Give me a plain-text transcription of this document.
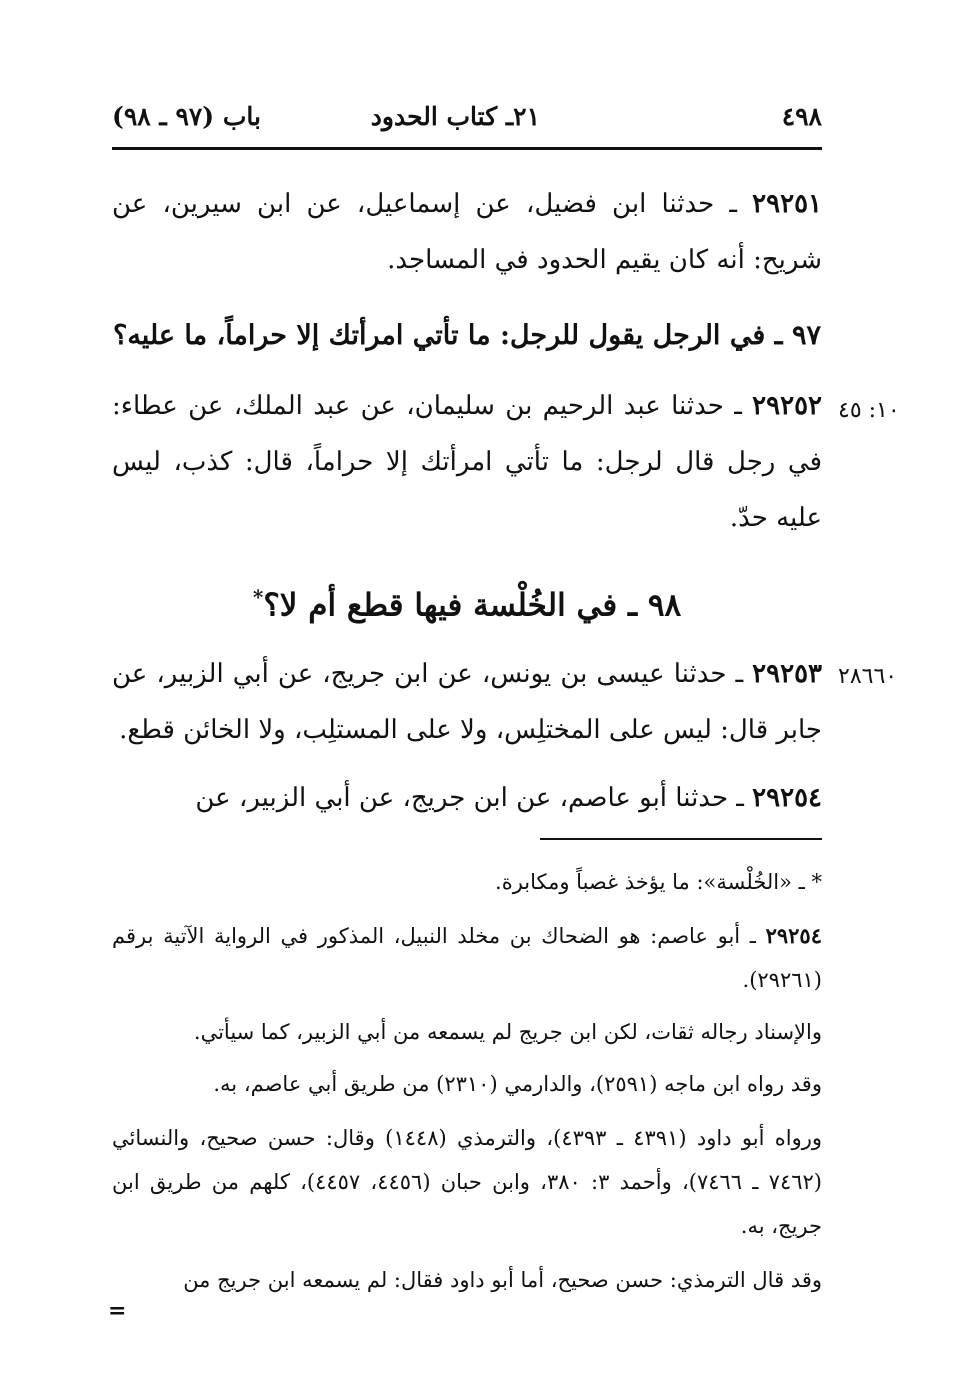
٤٩٨
٢١ـ كتاب الحدود
باب (٩٧ ـ ٩٨)
٢٩٢٥١ ـ حدثنا ابن فضيل، عن إسماعيل، عن ابن سيرين، عن شريح: أنه كان يقيم الحدود في المساجد.
٩٧ ـ في الرجل يقول للرجل: ما تأتي امرأتك إلا حراماً، ما عليه؟
١٠: ٤٥
٢٩٢٥٢ ـ حدثنا عبد الرحيم بن سليمان، عن عبد الملك، عن عطاء: في رجل قال لرجل: ما تأتي امرأتك إلا حراماً، قال: كذب، ليس عليه حدّ.
٩٨ ـ في الخُلْسة فيها قطع أم لا؟*
٢٨٦٦٠
٢٩٢٥٣ ـ حدثنا عيسى بن يونس، عن ابن جريج، عن أبي الزبير، عن جابر قال: ليس على المختلِس، ولا على المستلِب، ولا الخائن قطع.
٢٩٢٥٤ ـ حدثنا أبو عاصم، عن ابن جريج، عن أبي الزبير، عن
* ـ «الخُلْسة»: ما يؤخذ غصباً ومكابرة.
٢٩٢٥٤ ـ أبو عاصم: هو الضحاك بن مخلد النبيل، المذكور في الرواية الآتية برقم (٢٩٢٦١).
والإسناد رجاله ثقات، لكن ابن جريج لم يسمعه من أبي الزبير، كما سيأتي.
وقد رواه ابن ماجه (٢٥٩١)، والدارمي (٢٣١٠) من طريق أبي عاصم، به.
ورواه أبو داود (٤٣٩١ ـ ٤٣٩٣)، والترمذي (١٤٤٨) وقال: حسن صحيح، والنسائي (٧٤٦٢ ـ ٧٤٦٦)، وأحمد ٣: ٣٨٠، وابن حبان (٤٤٥٦، ٤٤٥٧)، كلهم من طريق ابن جريج، به.
وقد قال الترمذي: حسن صحيح، أما أبو داود فقال: لم يسمعه ابن جريج من
=
